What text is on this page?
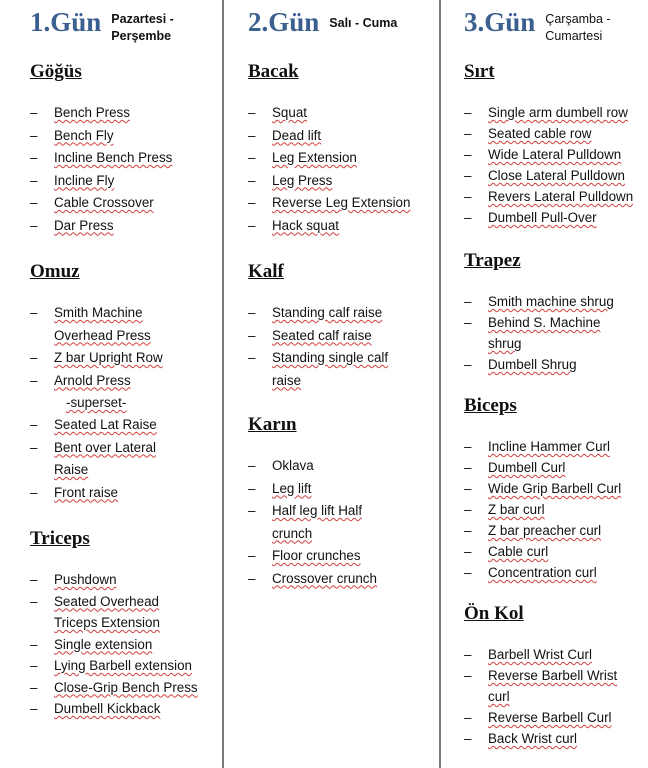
1.Gün Pazartesi -
Perşembe

Göğüs

– Bench Press
– Bench Fly
– Incline Bench Press
– Incline Fly
– Cable Crossover
– Dar Press

Omuz

– Smith Machine Overhead Press
– Z bar Upright Row
– Arnold Press
-superset-
– Seated Lat Raise
– Bent over Lateral Raise
– Front raise

Triceps

– Pushdown
– Seated Overhead Triceps Extension
– Single extension
– Lying Barbell extension
– Close-Grip Bench Press
– Dumbell Kickback
2.Gün Salı - Cuma

Bacak

– Squat
– Dead lift
– Leg Extension
– Leg Press
– Reverse Leg Extension
– Hack squat

Kalf

– Standing calf raise
– Seated calf raise
– Standing single calf raise

Karın

– Oklava
– Leg lift
– Half leg lift Half crunch
– Floor crunches
– Crossover crunch
3.Gün Çarşamba -
Cumartesi

Sırt

– Single arm dumbell row
– Seated cable row
– Wide Lateral Pulldown
– Close Lateral Pulldown
– Revers Lateral Pulldown
– Dumbell Pull-Over

Trapez

– Smith machine shrug
– Behind S. Machine shrug
– Dumbell Shrug

Biceps

– Incline Hammer Curl
– Dumbell Curl
– Wide Grip Barbell Curl
– Z bar curl
– Z bar preacher curl
– Cable curl
– Concentration curl

Ön Kol

– Barbell Wrist Curl
– Reverse Barbell Wrist curl
– Reverse Barbell Curl
– Back Wrist curl
